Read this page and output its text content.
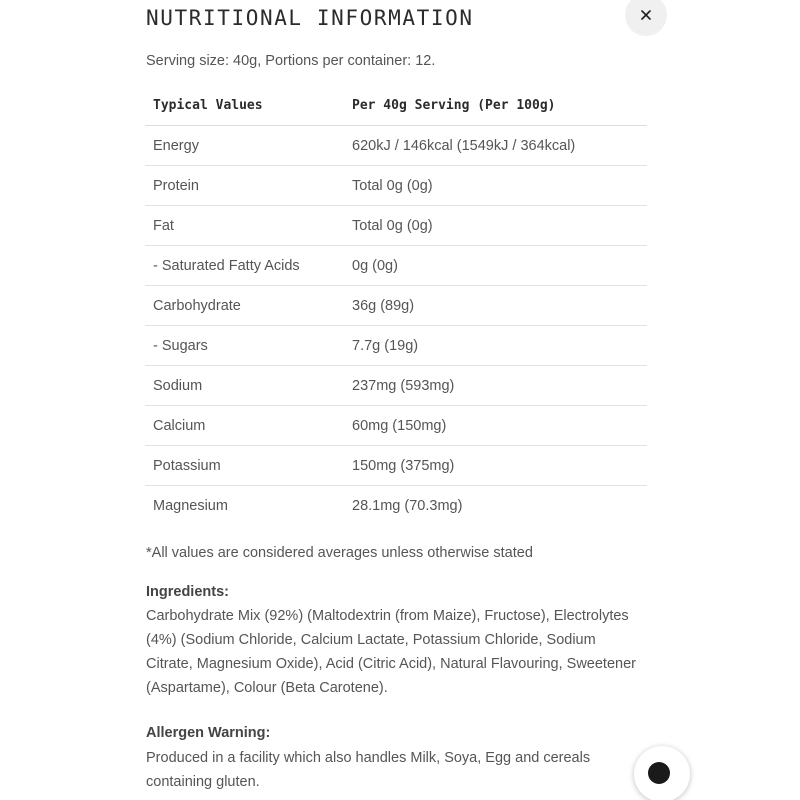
NUTRITIONAL INFORMATION
Serving size: 40g, Portions per container: 12.
Typical Values	Per 40g Serving (Per 100g)
Energy	620kJ / 146kcal (1549kJ / 364kcal)
Protein	Total 0g (0g)
Fat	Total 0g (0g)
- Saturated Fatty Acids	0g (0g)
Carbohydrate	36g (89g)
- Sugars	7.7g (19g)
Sodium	237mg (593mg)
Calcium	60mg (150mg)
Potassium	150mg (375mg)
Magnesium	28.1mg (70.3mg)
*All values are considered averages unless otherwise stated
Ingredients:
Carbohydrate Mix (92%) (Maltodextrin (from Maize), Fructose), Electrolytes (4%) (Sodium Chloride, Calcium Lactate, Potassium Chloride, Sodium Citrate, Magnesium Oxide), Acid (Citric Acid), Natural Flavouring, Sweetener (Aspartame), Colour (Beta Carotene).
Allergen Warning:
Produced in a facility which also handles Milk, Soya, Egg and cereals containing gluten.
